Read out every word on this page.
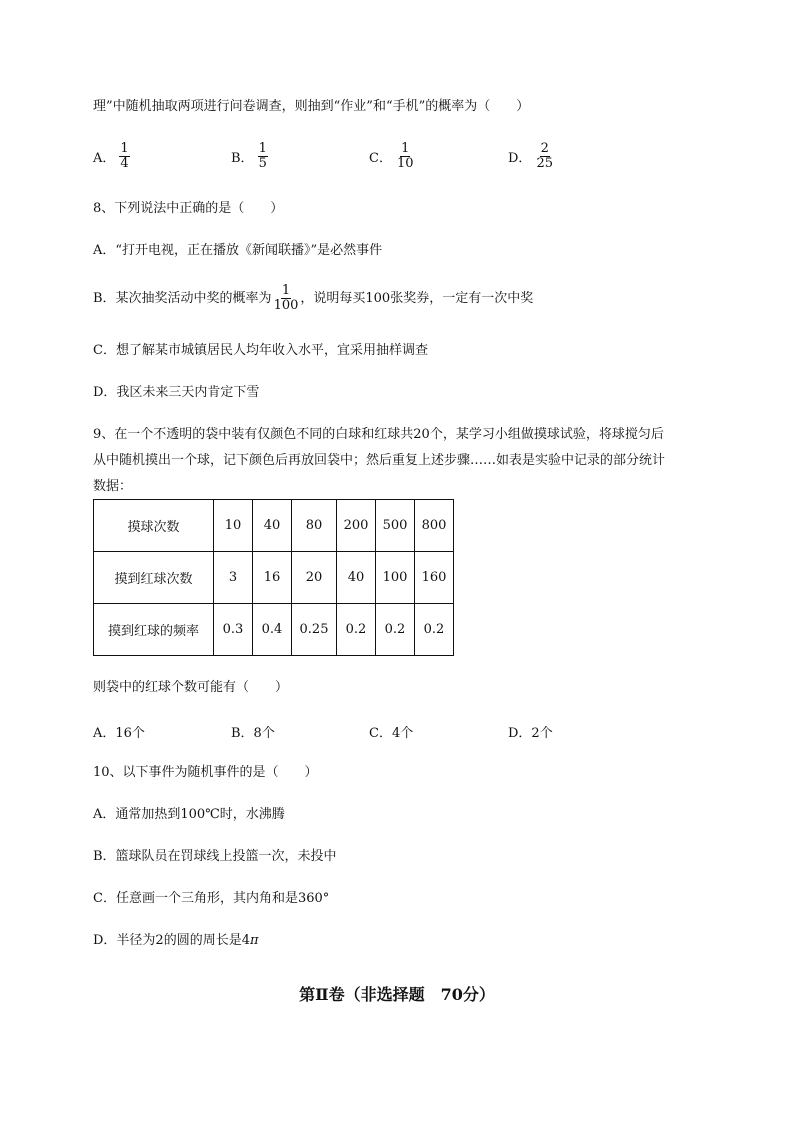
理”中随机抽取两项进行问卷调查，则抽到“作业”和“手机”的概率为（　　）
A． $\frac{1}{4}$	B． $\frac{1}{5}$	C． $\frac{1}{10}$	D． $\frac{2}{25}$
8、下列说法中正确的是（　　）
A．“打开电视，正在播放《新闻联播》”是必然事件
B．某次抽奖活动中奖的概率为 $\frac{1}{100}$ ，说明每买100张奖券，一定有一次中奖
C．想了解某市城镇居民人均年收入水平，宜采用抽样调查
D．我区未来三天内肯定下雪
9、在一个不透明的袋中装有仅颜色不同的白球和红球共20个，某学习小组做摸球试验，将球搅匀后
从中随机摸出一个球，记下颜色后再放回袋中；然后重复上述步骤……如表是实验中记录的部分统计
数据：
摸球次数	10	40	80	200	500	800
摸到红球次数	3	16	20	40	100	160
摸到红球的频率	0.3	0.4	0.25	0.2	0.2	0.2
则袋中的红球个数可能有（　　）
A．16个	B．8个	C．4个	D．2个
10、以下事件为随机事件的是（　　）
A．通常加热到100℃时，水沸腾
B．篮球队员在罚球线上投篮一次，未投中
C．任意画一个三角形，其内角和是360°
D．半径为2的圆的周长是4π
第Ⅱ卷（非选择题　70分）
